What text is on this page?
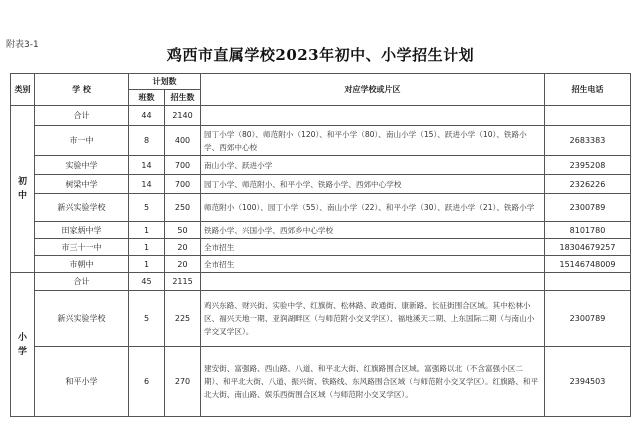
附表3-1
鸡西市直属学校2023年初中、小学招生计划
类别	学 校	计划数		对应学校或片区	招生电话
		班数	招生数		
初中	合计	44	2140		
	市一中	8	400	园丁小学（80）、师范附小（120）、和平小学（80）、南山小学（15）、跃进小学（10）、铁路小学、西郊中心校	2683383
	实验中学	14	700	南山小学、跃进小学	2395208
	树梁中学	14	700	园丁小学、师范附小、和平小学、铁路小学、西郊中心学校	2326226
	新兴实验学校	5	250	师范附小（100）、园丁小学（55）、南山小学（22）、和平小学（30）、跃进小学（21）、铁路小学	2300789
	田家炳中学	1	50	铁路小学、兴国小学、西郊乡中心学校	8101780
	市三十一中	1	20	全市招生	18304679257
	市朝中	1	20	全市招生	15146748009
小学	合计	45	2115		
	新兴实验学校	5	225	鸡兴东路、财兴街、实验中学、红旗街、松林路、政通街、康新路、长征街围合区域。其中松林小区、福兴天地一期、亚润湖畔区（与师范附小交叉学区）、福地溪天二期、上东国际二期（与南山小学交叉学区）。	2300789
	和平小学	6	270	建安街、富强路、西山路、八道、和平北大街、红旗路围合区域。富强路以北（不含富强小区二期）、和平北大街、八道、振兴街、铁路线、东风路围合区域（与师范附小交叉学区）。红旗路、和平北大街、南山路、娱乐西街围合区域（与师范附小交叉学区）。	2394503
